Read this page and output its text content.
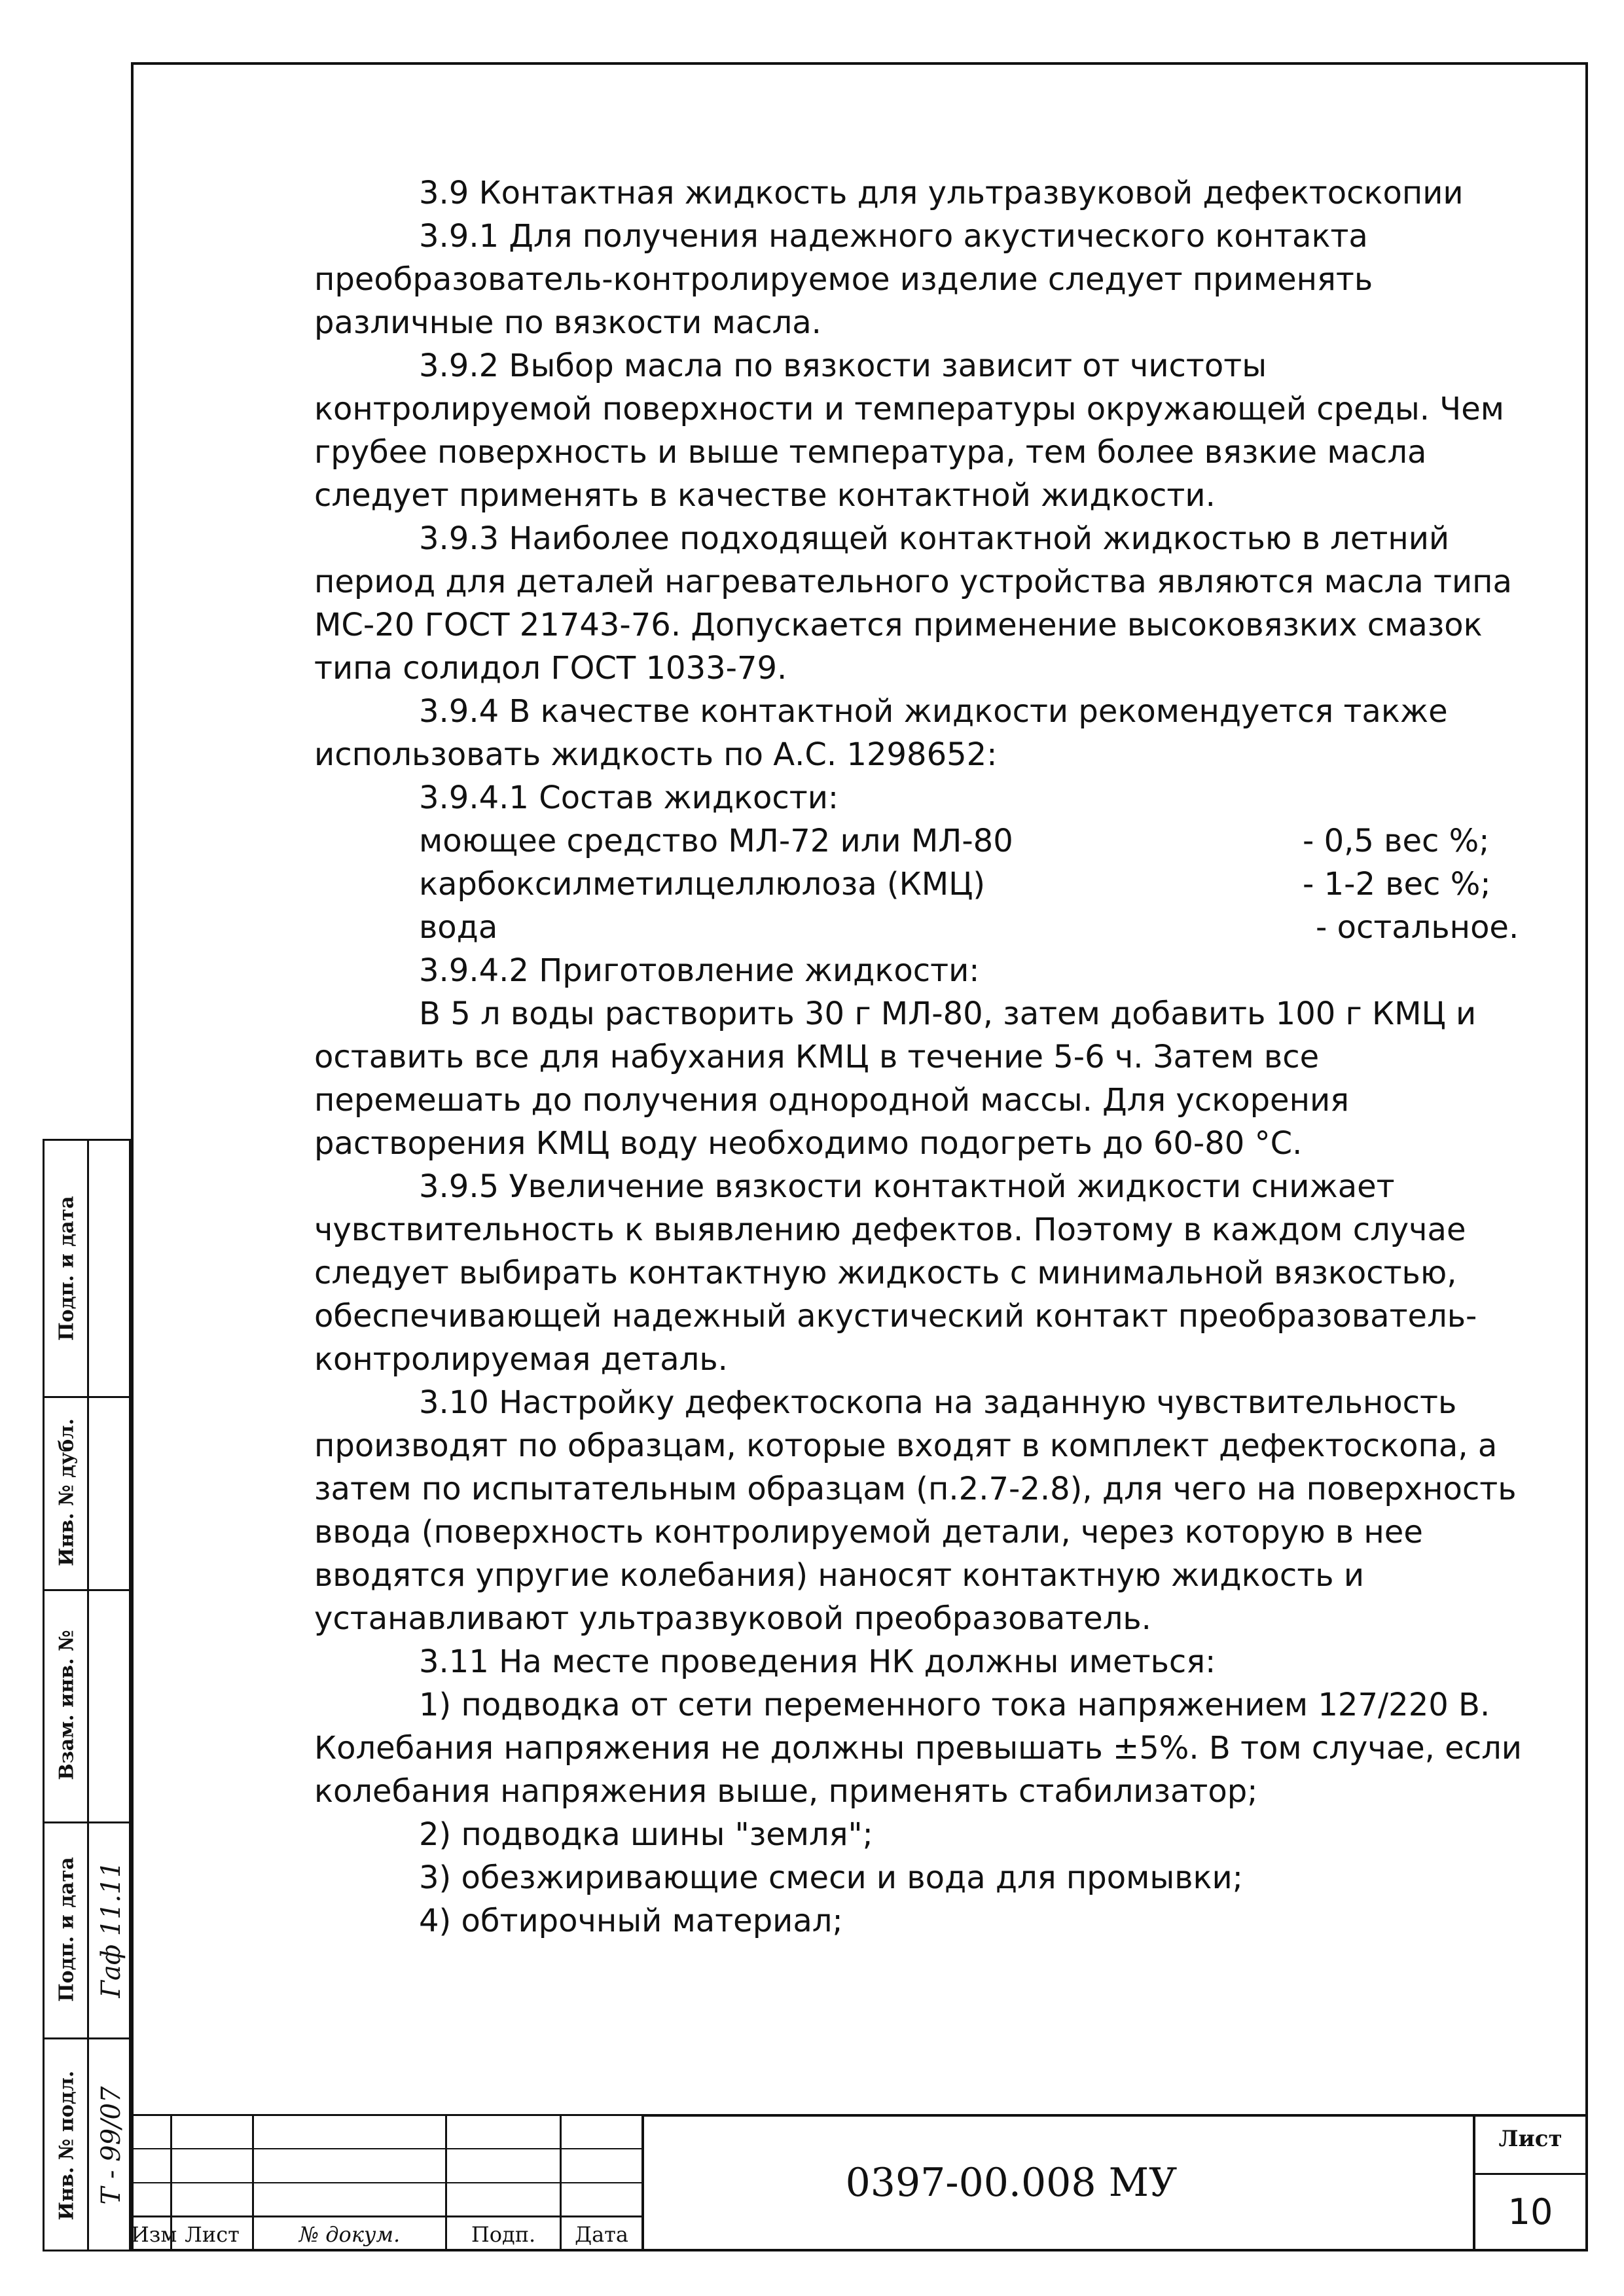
3.9 Контактная жидкость для ультразвуковой дефектоскопии

3.9.1 Для получения надежного акустического контакта преобразователь-контролируемое изделие следует применять различные по вязкости масла.

3.9.2 Выбор масла по вязкости зависит от чистоты контролируемой поверхности и температуры окружающей среды. Чем грубее поверхность и выше температура, тем более вязкие масла следует применять в качестве контактной жидкости.

3.9.3 Наиболее подходящей контактной жидкостью в летний период для деталей нагревательного устройства являются масла типа МС-20 ГОСТ 21743-76. Допускается применение высоковязких смазок типа солидол ГОСТ 1033-79.

3.9.4 В качестве контактной жидкости рекомендуется также использовать жидкость по А.С. 1298652:

3.9.4.1 Состав жидкости:

моющее средство МЛ-72 или МЛ-80	- 0,5 вес %;
карбоксилметилцеллюлоза (КМЦ)	- 1-2 вес %;
вода	- остальное.

3.9.4.2 Приготовление жидкости:

В 5 л воды растворить 30 г МЛ-80, затем добавить 100 г КМЦ и оставить все для набухания КМЦ в течение 5-6 ч. Затем все перемешать до получения однородной массы. Для ускорения растворения КМЦ воду необходимо подогреть до 60-80 °С.

3.9.5 Увеличение вязкости контактной жидкости снижает чувствительность к выявлению дефектов. Поэтому в каждом случае следует выбирать контактную жидкость с минимальной вязкостью, обеспечивающей надежный акустический контакт преобразователь-контролируемая деталь.

3.10 Настройку дефектоскопа на заданную чувствительность производят по образцам, которые входят в комплект дефектоскопа, а затем по испытательным образцам (п.2.7-2.8), для чего на поверхность ввода (поверхность контролируемой детали, через которую в нее вводятся упругие колебания) наносят контактную жидкость и устанавливают ультразвуковой преобразователь.

3.11 На месте проведения НК должны иметься:

1) подводка от сети переменного тока напряжением 127/220 В. Колебания напряжения не должны превышать ±5%. В том случае, если колебания напряжения выше, применять стабилизатор;

2) подводка шины "земля";

3) обезжиривающие смеси и вода для промывки;

4) обтирочный материал;

Подп. и дата
Инв. № дубл.
Взам. инв. №
Подп. и дата
Инв. № подл.
Гаф 11.11
Т - 99/07
Изм Лист	№ докум.	Подп.	Дата
0397-00.008 МУ
Лист
10
